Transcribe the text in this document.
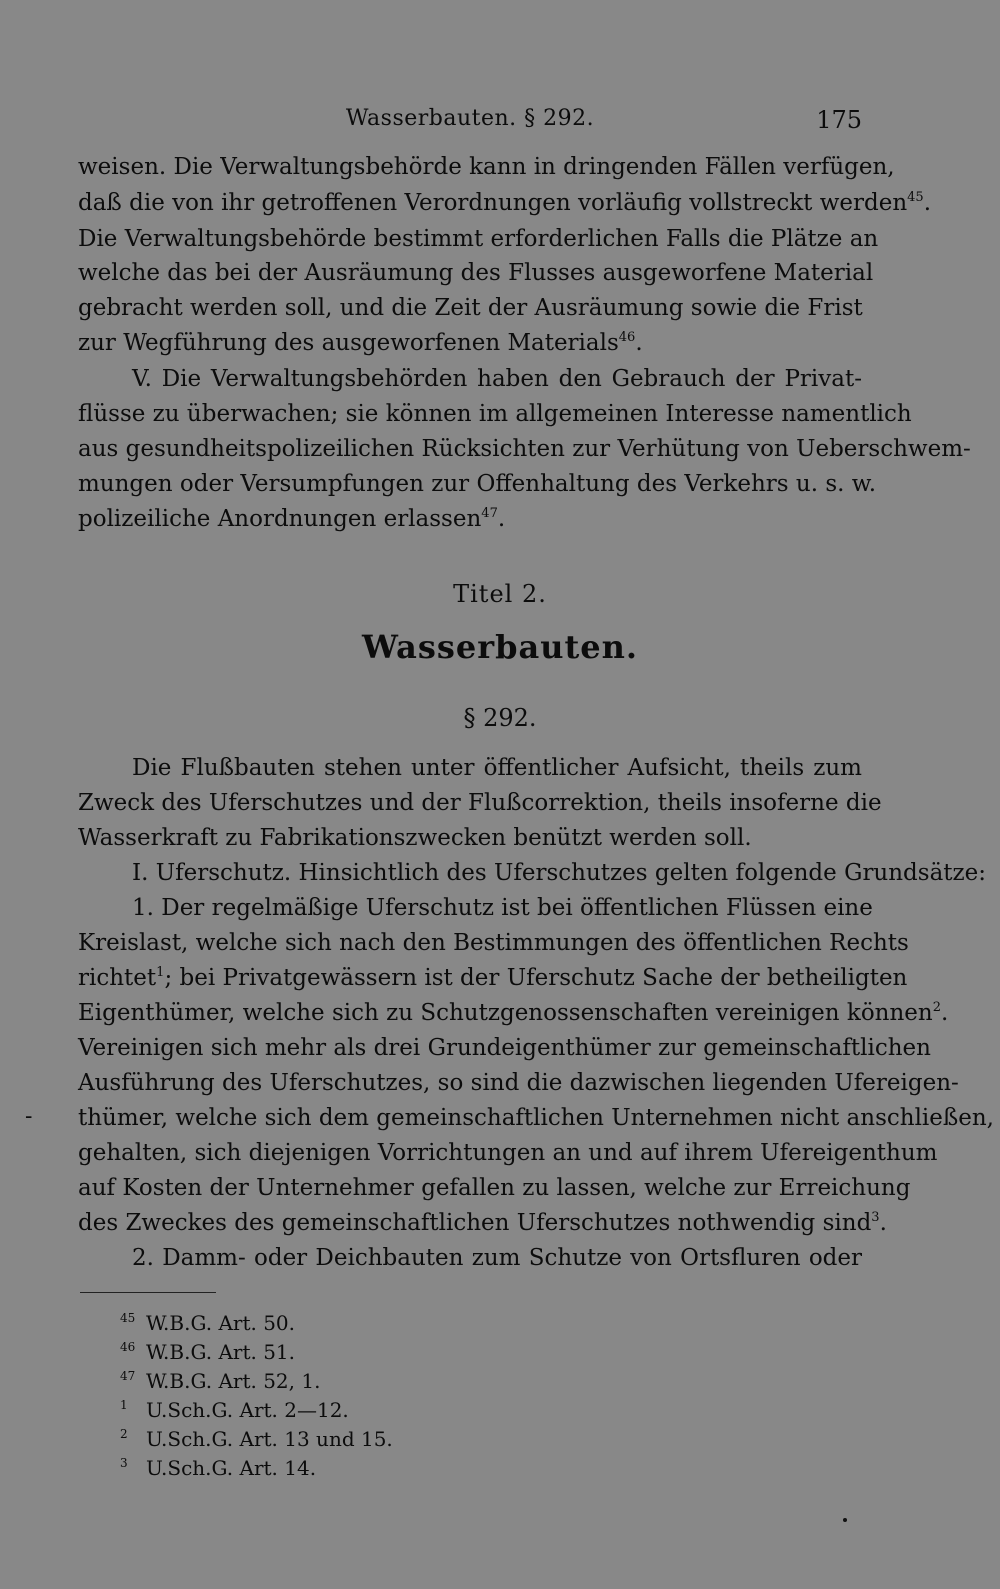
Wasserbauten. § 292.	175
weisen. Die Verwaltungsbehörde kann in dringenden Fällen verfügen,
daß die von ihr getroffenen Verordnungen vorläufig vollstreckt werden$^{45}$.
Die Verwaltungsbehörde bestimmt erforderlichen Falls die Plätze an
welche das bei der Ausräumung des Flusses ausgeworfene Material
gebracht werden soll, und die Zeit der Ausräumung sowie die Frist
zur Wegführung des ausgeworfenen Materials$^{46}$.
V. Die Verwaltungsbehörden haben den Gebrauch der Privat-
flüsse zu überwachen; sie können im allgemeinen Interesse namentlich
aus gesundheitspolizeilichen Rücksichten zur Verhütung von Ueberschwem-
mungen oder Versumpfungen zur Offenhaltung des Verkehrs u. s. w.
polizeiliche Anordnungen erlassen$^{47}$.
Titel 2.
Wasserbauten.
§ 292.
Die Flußbauten stehen unter öffentlicher Aufsicht, theils zum
Zweck des Uferschutzes und der Flußcorrektion, theils insoferne die
Wasserkraft zu Fabrikationszwecken benützt werden soll.
I. Uferschutz. Hinsichtlich des Uferschutzes gelten folgende Grundsätze:
1. Der regelmäßige Uferschutz ist bei öffentlichen Flüssen eine
Kreislast, welche sich nach den Bestimmungen des öffentlichen Rechts
richtet$^1$; bei Privatgewässern ist der Uferschutz Sache der betheiligten
Eigenthümer, welche sich zu Schutzgenossenschaften vereinigen können$^2$.
Vereinigen sich mehr als drei Grundeigenthümer zur gemeinschaftlichen
Ausführung des Uferschutzes, so sind die dazwischen liegenden Ufereigen-
thümer, welche sich dem gemeinschaftlichen Unternehmen nicht anschließen,
gehalten, sich diejenigen Vorrichtungen an und auf ihrem Ufereigenthum
auf Kosten der Unternehmer gefallen zu lassen, welche zur Erreichung
des Zweckes des gemeinschaftlichen Uferschutzes nothwendig sind$^3$.
2. Damm- oder Deichbauten zum Schutze von Ortsfluren oder
-
45 W.B.G. Art. 50.
46 W.B.G. Art. 51.
47 W.B.G. Art. 52, 1.
1 U.Sch.G. Art. 2—12.
2 U.Sch.G. Art. 13 und 15.
3 U.Sch.G. Art. 14.
